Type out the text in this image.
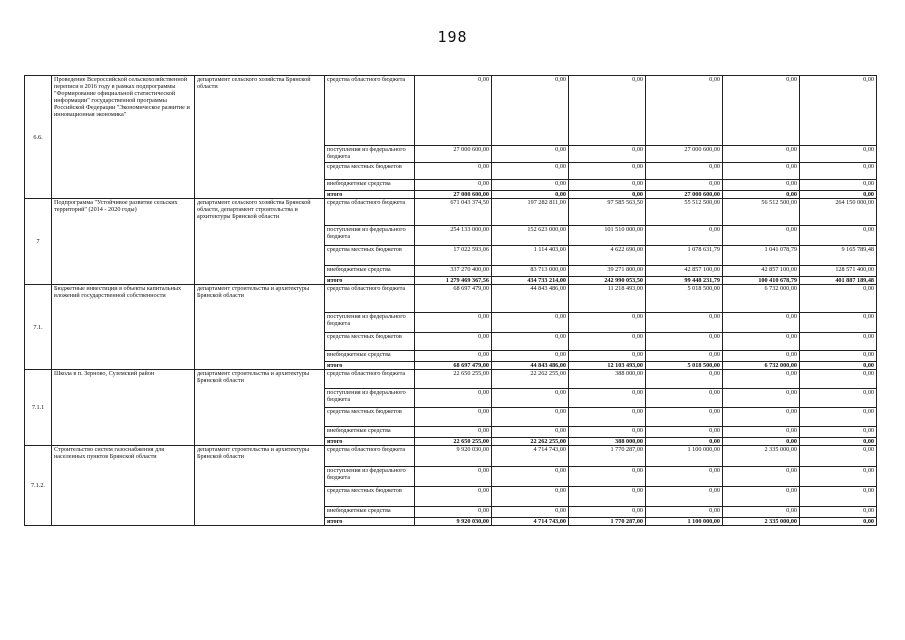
198
6.6.	Проведение Всероссийской сельскохозяйственной переписи в 2016 году в рамках подпрограммы "Формирование официальной статистической информации" государственной программы Российской Федерации "Экономическое развитие и инновационная экономика"	департамент сельского хозяйства Брянской области	средства областного бюджета	0,00	0,00	0,00	0,00	0,00	0,00
			поступления из федерального бюджета	27 000 600,00	0,00	0,00	27 000 600,00	0,00	0,00
			средства местных бюджетов	0,00	0,00	0,00	0,00	0,00	0,00
			внебюджетные средства	0,00	0,00	0,00	0,00	0,00	0,00
			итого	27 000 600,00	0,00	0,00	27 000 600,00	0,00	0,00
7	Подпрограмма "Устойчивое развитие сельских территорий" (2014 - 2020 годы)	департамент сельского хозяйства Брянской области, департамент строительства и архитектуры Брянской области	средства областного бюджета	671 043 374,50	197 282 811,00	97 585 563,50	55 512 500,00	56 512 500,00	264 150 000,00
			поступления из федерального бюджета	254 133 000,00	152 623 000,00	101 510 000,00	0,00	0,00	0,00
			средства местных бюджетов	17 022 593,06	1 114 403,00	4 622 690,00	1 078 631,79	1 041 078,79	9 165 789,48
			внебюджетные средства	337 270 400,00	83 713 000,00	39 271 800,00	42 857 100,00	42 857 100,00	128 571 400,00
			итого	1 279 469 367,56	434 733 214,00	242 990 053,50	99 448 231,79	100 410 678,79	401 887 189,48
7.1.	Бюджетные инвестиции в объекты капитальных вложений государственной собственности	департамент строительства и архитектуры Брянской области	средства областного бюджета	68 697 479,00	44 843 486,00	11 218 493,00	5 018 500,00	6 732 000,00	0,00
			поступления из федерального бюджета	0,00	0,00	0,00	0,00	0,00	0,00
			средства местных бюджетов	0,00	0,00	0,00	0,00	0,00	0,00
			внебюджетные средства	0,00	0,00	0,00	0,00	0,00	0,00
			итого	68 697 479,00	44 843 486,00	12 103 493,00	5 018 500,00	6 732 000,00	0,00
7.1.1	Школа в п. Зерново, Суземский район	департамент строительства и архитектуры Брянской области	средства областного бюджета	22 650 255,00	22 262 255,00	388 000,00	0,00	0,00	0,00
			поступления из федерального бюджета	0,00	0,00	0,00	0,00	0,00	0,00
			средства местных бюджетов	0,00	0,00	0,00	0,00	0,00	0,00
			внебюджетные средства	0,00	0,00	0,00	0,00	0,00	0,00
			итого	22 650 255,00	22 262 255,00	388 000,00	0,00	0,00	0,00
7.1.2.	Строительство систем газоснабжения для населенных пунктов Брянской области	департамент строительства и архитектуры Брянской области	средства областного бюджета	9 920 030,00	4 714 743,00	1 770 287,00	1 100 000,00	2 335 000,00	0,00
			поступления из федерального бюджета	0,00	0,00	0,00	0,00	0,00	0,00
			средства местных бюджетов	0,00	0,00	0,00	0,00	0,00	0,00
			внебюджетные средства	0,00	0,00	0,00	0,00	0,00	0,00
			итого	9 920 030,00	4 714 743,00	1 770 287,00	1 100 000,00	2 335 000,00	0,00
